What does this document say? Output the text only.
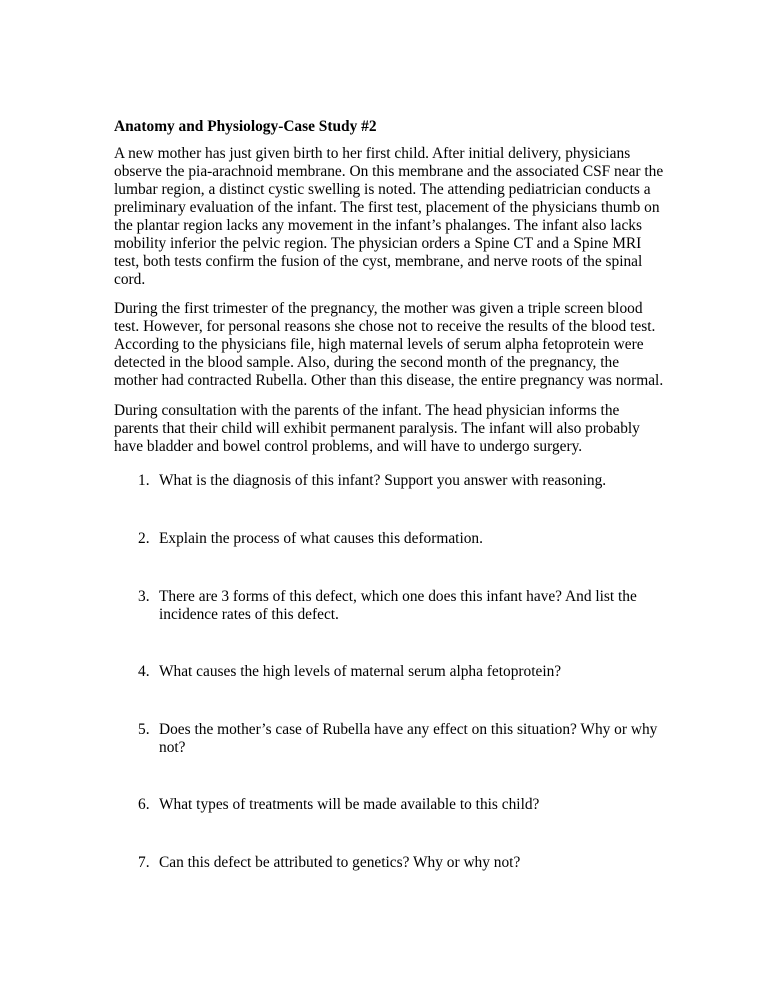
Anatomy and Physiology-Case Study #2

A new mother has just given birth to her first child. After initial delivery, physicians
observe the pia-arachnoid membrane. On this membrane and the associated CSF near the
lumbar region, a distinct cystic swelling is noted. The attending pediatrician conducts a
preliminary evaluation of the infant. The first test, placement of the physicians thumb on
the plantar region lacks any movement in the infant’s phalanges. The infant also lacks
mobility inferior the pelvic region. The physician orders a Spine CT and a Spine MRI
test, both tests confirm the fusion of the cyst, membrane, and nerve roots of the spinal
cord.

During the first trimester of the pregnancy, the mother was given a triple screen blood
test. However, for personal reasons she chose not to receive the results of the blood test.
According to the physicians file, high maternal levels of serum alpha fetoprotein were
detected in the blood sample. Also, during the second month of the pregnancy, the
mother had contracted Rubella. Other than this disease, the entire pregnancy was normal.

During consultation with the parents of the infant. The head physician informs the
parents that their child will exhibit permanent paralysis. The infant will also probably
have bladder and bowel control problems, and will have to undergo surgery.

1. What is the diagnosis of this infant? Support you answer with reasoning.
2. Explain the process of what causes this deformation.
3. There are 3 forms of this defect, which one does this infant have? And list the
incidence rates of this defect.
4. What causes the high levels of maternal serum alpha fetoprotein?
5. Does the mother’s case of Rubella have any effect on this situation? Why or why
not?
6. What types of treatments will be made available to this child?
7. Can this defect be attributed to genetics? Why or why not?
